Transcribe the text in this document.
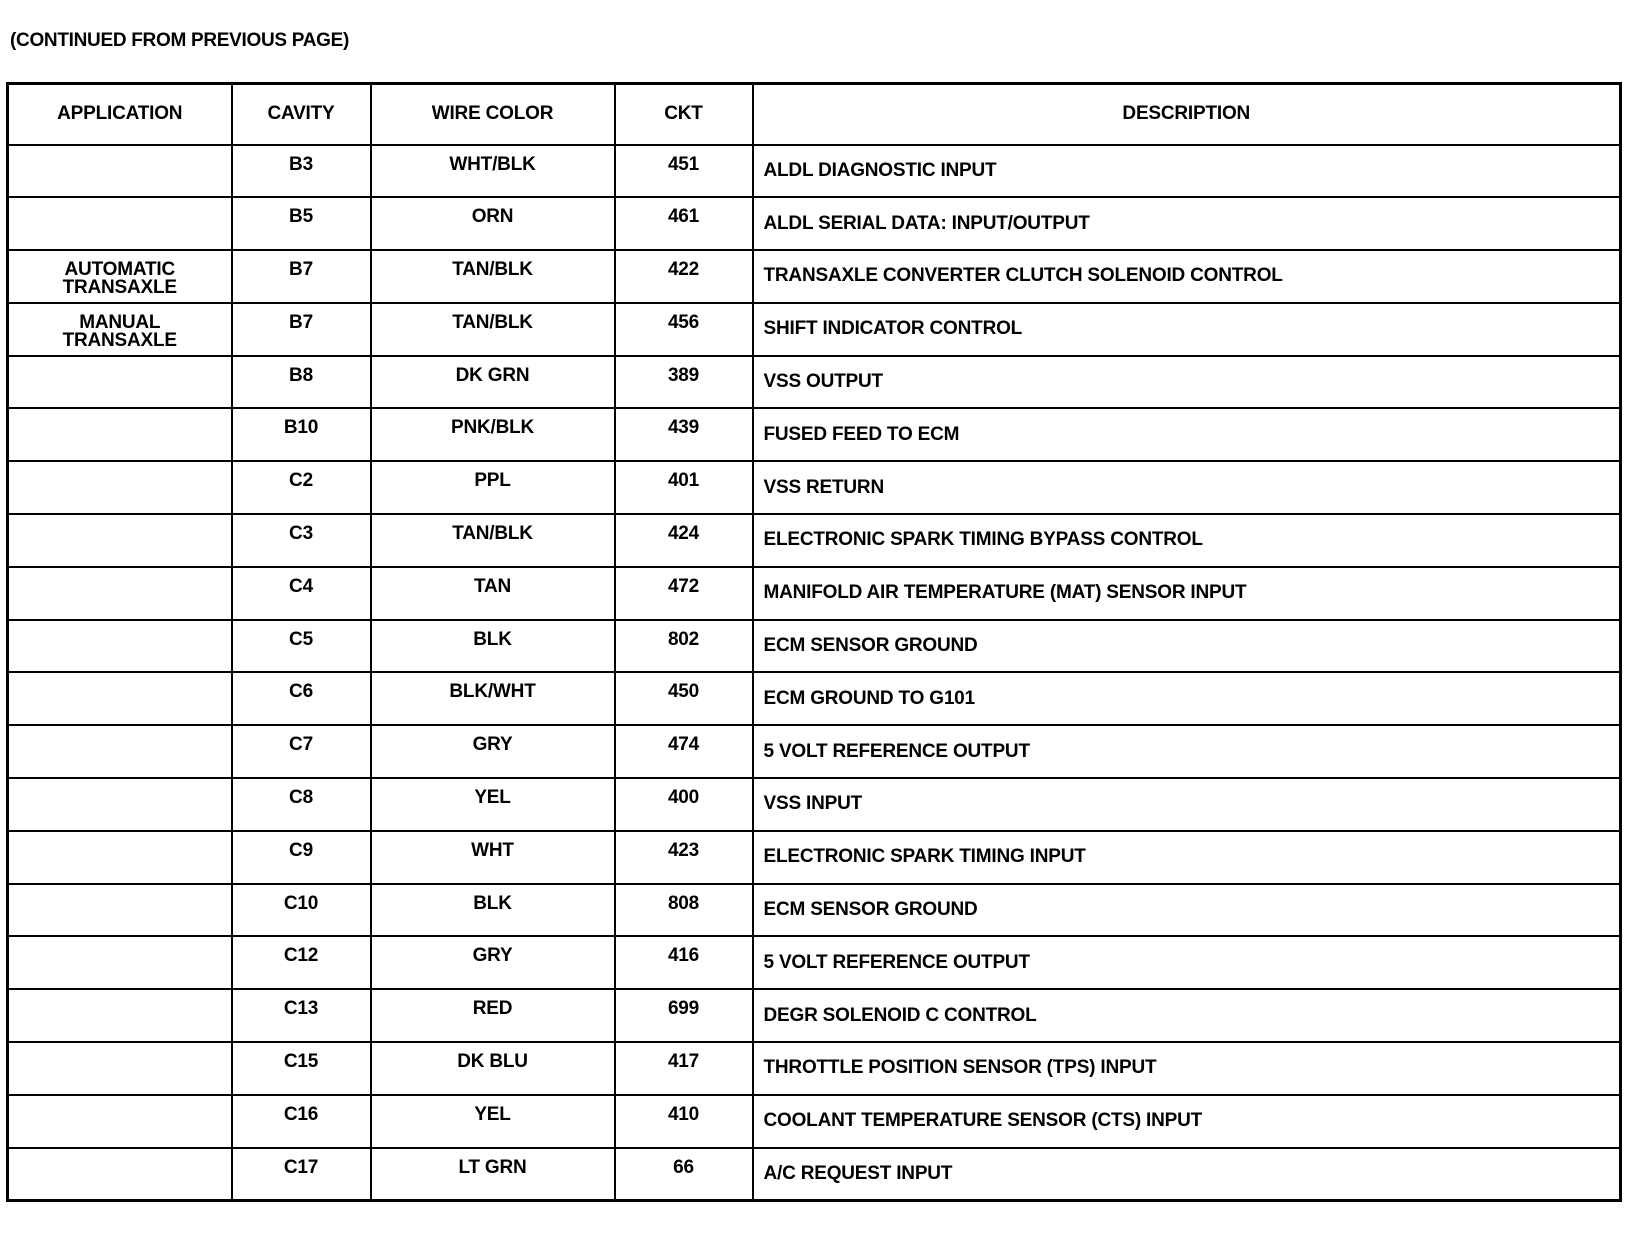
(CONTINUED FROM PREVIOUS PAGE)
APPLICATION	CAVITY	WIRE COLOR	CKT	DESCRIPTION

	B3	WHT/BLK	451	ALDL DIAGNOSTIC INPUT

	B5	ORN	461	ALDL SERIAL DATA: INPUT/OUTPUT

AUTOMATIC
TRANSAXLE	B7	TAN/BLK	422	TRANSAXLE CONVERTER CLUTCH SOLENOID CONTROL

MANUAL
TRANSAXLE	B7	TAN/BLK	456	SHIFT INDICATOR CONTROL

	B8	DK GRN	389	VSS OUTPUT

	B10	PNK/BLK	439	FUSED FEED TO ECM

	C2	PPL	401	VSS RETURN

	C3	TAN/BLK	424	ELECTRONIC SPARK TIMING BYPASS CONTROL

	C4	TAN	472	MANIFOLD AIR TEMPERATURE (MAT) SENSOR INPUT

	C5	BLK	802	ECM SENSOR GROUND

	C6	BLK/WHT	450	ECM GROUND TO G101

	C7	GRY	474	5 VOLT REFERENCE OUTPUT

	C8	YEL	400	VSS INPUT

	C9	WHT	423	ELECTRONIC SPARK TIMING INPUT

	C10	BLK	808	ECM SENSOR GROUND

	C12	GRY	416	5 VOLT REFERENCE OUTPUT

	C13	RED	699	DEGR SOLENOID C CONTROL

	C15	DK BLU	417	THROTTLE POSITION SENSOR (TPS) INPUT

	C16	YEL	410	COOLANT TEMPERATURE SENSOR (CTS) INPUT

	C17	LT GRN	66	A/C REQUEST INPUT
